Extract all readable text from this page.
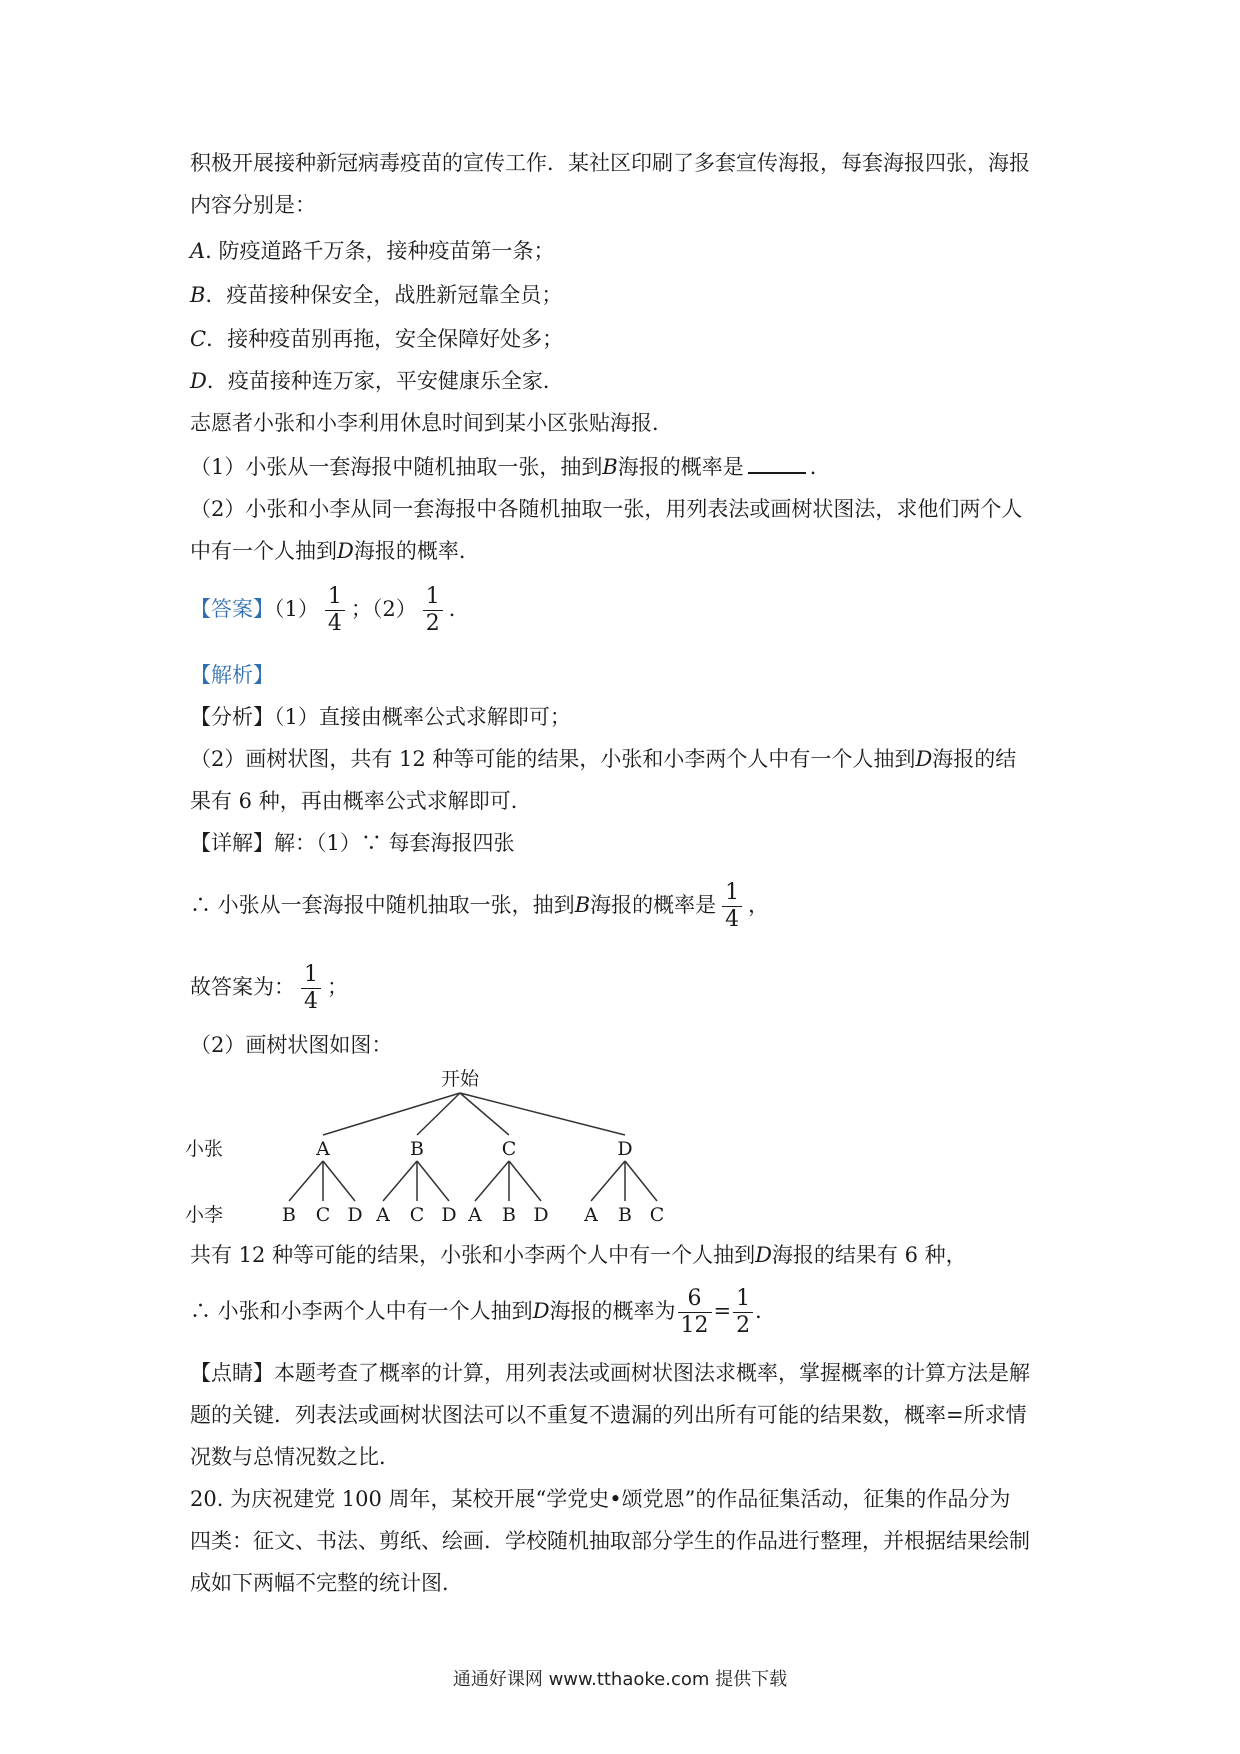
积极开展接种新冠病毒疫苗的宣传工作．某社区印刷了多套宣传海报，每套海报四张，海报
内容分别是：
A. 防疫道路千万条，接种疫苗第一条；
B．疫苗接种保安全，战胜新冠靠全员；
C．接种疫苗别再拖，安全保障好处多；
D．疫苗接种连万家，平安健康乐全家．
志愿者小张和小李利用休息时间到某小区张贴海报．
（1）小张从一套海报中随机抽取一张，抽到B海报的概率是	．
（2）小张和小李从同一套海报中各随机抽取一张，用列表法或画树状图法，求他们两个人
中有一个人抽到D海报的概率．
【答案】$(1) \frac{1}{4}$ ；$(2) \frac{1}{2}$ ．
【解析】
【分析】（1）直接由概率公式求解即可；
（2）画树状图，共有 12 种等可能的结果，小张和小李两个人中有一个人抽到D海报的结
果有 6 种，再由概率公式求解即可．
【详解】解：（1）∵ 每套海报四张
∴ 小张从一套海报中随机抽取一张，抽到B海报的概率是 $\frac{1}{4}$ ，
故答案为： $\frac{1}{4}$ ；
（2）画树状图如图：
开始
小张
小李
A
B C D
B
A C D
C
A B D
D
A B C
共有 12 种等可能的结果，小张和小李两个人中有一个人抽到D海报的结果有 6 种，
∴ 小张和小李两个人中有一个人抽到D海报的概率为 $\frac{6}{12} = \frac{1}{2}$ ．
【点睛】本题考查了概率的计算，用列表法或画树状图法求概率，掌握概率的计算方法是解
题的关键．列表法或画树状图法可以不重复不遗漏的列出所有可能的结果数，概率=所求情
况数与总情况数之比．
20. 为庆祝建党 100 周年，某校开展“学党史•颂党恩”的作品征集活动，征集的作品分为
四类：征文、书法、剪纸、绘画．学校随机抽取部分学生的作品进行整理，并根据结果绘制
成如下两幅不完整的统计图．
通通好课网 www.tthaoke.com 提供下载
